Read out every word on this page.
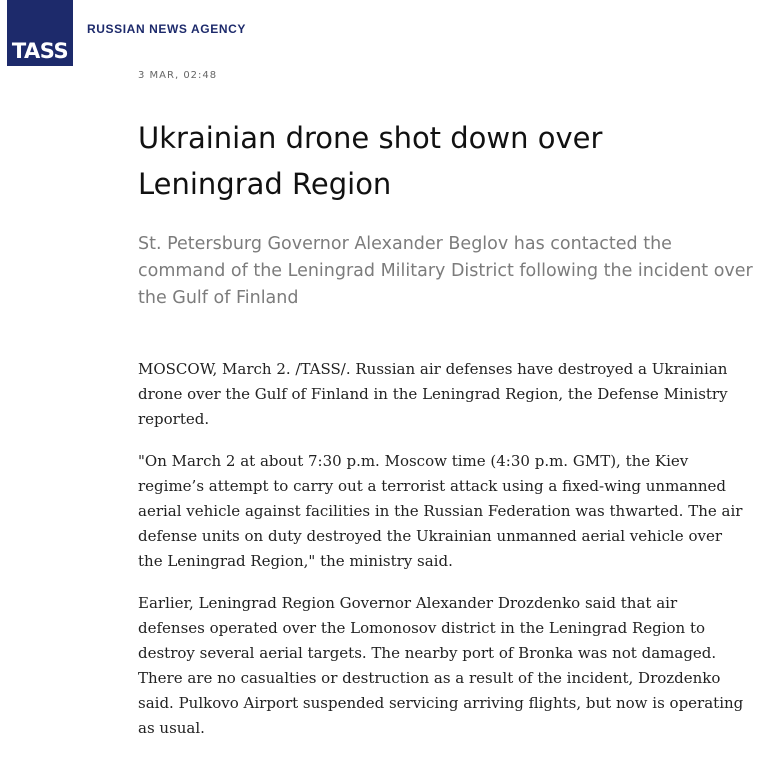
TASS
RUSSIAN NEWS AGENCY
3 MAR, 02:48
Ukrainian drone shot down over Leningrad Region
St. Petersburg Governor Alexander Beglov has contacted the command of the Leningrad Military District following the incident over the Gulf of Finland

MOSCOW, March 2. /TASS/. Russian air defenses have destroyed a Ukrainian drone over the Gulf of Finland in the Leningrad Region, the Defense Ministry reported.

"On March 2 at about 7:30 p.m. Moscow time (4:30 p.m. GMT), the Kiev regime’s attempt to carry out a terrorist attack using a fixed-wing unmanned aerial vehicle against facilities in the Russian Federation was thwarted. The air defense units on duty destroyed the Ukrainian unmanned aerial vehicle over the Leningrad Region," the ministry said.

Earlier, Leningrad Region Governor Alexander Drozdenko said that air defenses operated over the Lomonosov district in the Leningrad Region to destroy several aerial targets. The nearby port of Bronka was not damaged. There are no casualties or destruction as a result of the incident, Drozdenko said. Pulkovo Airport suspended servicing arriving flights, but now is operating as usual.
